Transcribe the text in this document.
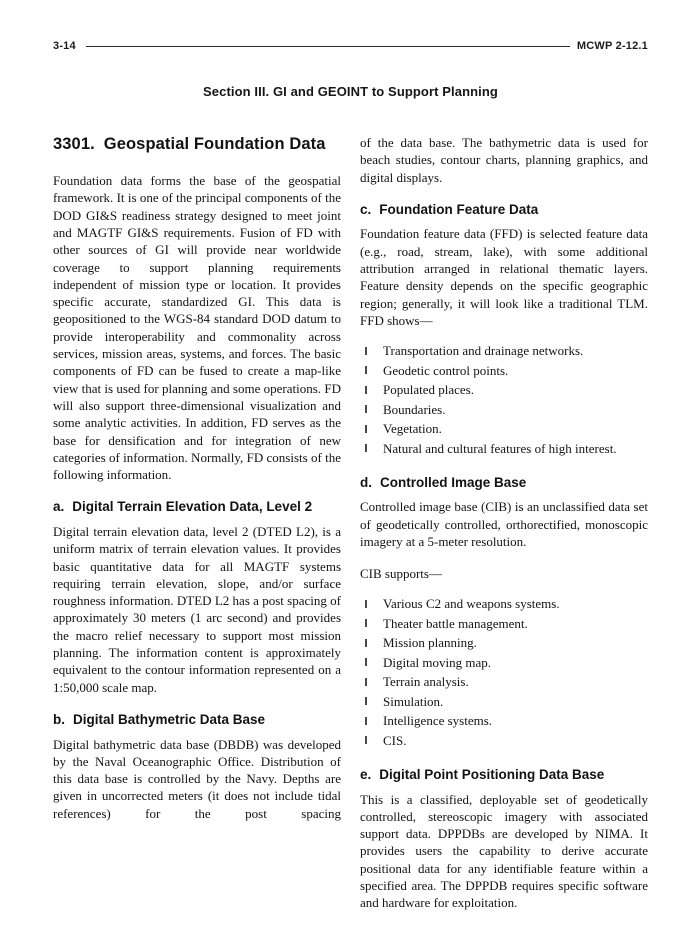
3-14	MCWP 2-12.1
Section III. GI and GEOINT to Support Planning
3301. Geospatial Foundation Data

Foundation data forms the base of the geospatial framework. It is one of the principal components of the DOD GI&S readiness strategy designed to meet joint and MAGTF GI&S requirements. Fusion of FD with other sources of GI will provide near worldwide coverage to support planning requirements independent of mission type or location. It provides specific accurate, standardized GI. This data is geopositioned to the WGS-84 standard DOD datum to provide interoperability and commonality across services, mission areas, systems, and forces. The basic components of FD can be fused to create a map-like view that is used for planning and some operations. FD will also support three-dimensional visualization and some analytic activities. In addition, FD serves as the base for densification and for integration of new categories of information. Normally, FD consists of the following information.

a. Digital Terrain Elevation Data, Level 2

Digital terrain elevation data, level 2 (DTED L2), is a uniform matrix of terrain elevation values. It provides basic quantitative data for all MAGTF systems requiring terrain elevation, slope, and/or surface roughness information. DTED L2 has a post spacing of approximately 30 meters (1 arc second) and provides the macro relief necessary to support most mission planning. The information content is approximately equivalent to the contour information represented on a 1:50,000 scale map.

b. Digital Bathymetric Data Base

Digital bathymetric data base (DBDB) was developed by the Naval Oceanographic Office. Distribution of this data base is controlled by the Navy. Depths are given in uncorrected meters (it does not include tidal references) for the post spacing

of the data base. The bathymetric data is used for beach studies, contour charts, planning graphics, and digital displays.

c. Foundation Feature Data

Foundation feature data (FFD) is selected feature data (e.g., road, stream, lake), with some additional attribution arranged in relational thematic layers. Feature density depends on the specific geographic region; generally, it will look like a traditional TLM. FFD shows—

Transportation and drainage networks.
Geodetic control points.
Populated places.
Boundaries.
Vegetation.
Natural and cultural features of high interest.
d. Controlled Image Base

Controlled image base (CIB) is an unclassified data set of geodetically controlled, orthorectified, monoscopic imagery at a 5-meter resolution.

CIB supports—

Various C2 and weapons systems.
Theater battle management.
Mission planning.
Digital moving map.
Terrain analysis.
Simulation.
Intelligence systems.
CIS.
e. Digital Point Positioning Data Base

This is a classified, deployable set of geodetically controlled, stereoscopic imagery with associated support data. DPPDBs are developed by NIMA. It provides users the capability to derive accurate positional data for any identifiable feature within a specified area. The DPPDB requires specific software and hardware for exploitation.
